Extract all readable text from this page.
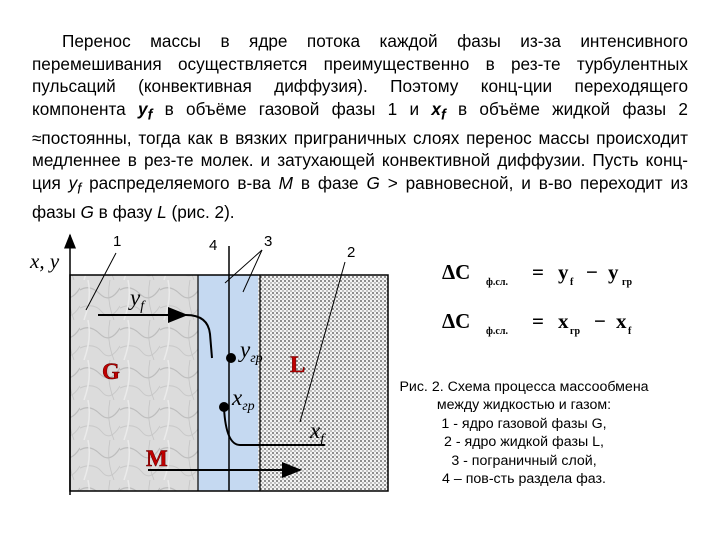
Перенос массы в ядре потока каждой фазы из-за интенсивного перемешивания осуществляется преимущественно в рез-те турбулентных пульсаций (конвективная диффузия). Поэтому конц-ции переходящего компонента $y_f$ в объёме газовой фазы 1 и $x_f$ в объёме жидкой фазы 2 ≈постоянны, тогда как в вязких приграничных слоях перенос массы происходит медленнее в рез-те молек. и затухающей конвективной диффузии. Пусть конц-ция $y_f$ распределяемого в-ва M в фазе G > равновесной, и в-во переходит из фазы G в фазу L (рис. 2).
x, y
1	4	3
2
$y_f$
$y_{гр}$
$x_{гр}$
$x_f$
G	L
M
ΔC ф.сл. = y f − y гр
ΔC ф.сл. = x гр − x f
Рис. 2. Схема процесса массообмена
между жидкостью и газом:
1 - ядро газовой фазы G,
2 - ядро жидкой фазы L,
3 - пограничный слой,
4 – пов-сть раздела фаз.
